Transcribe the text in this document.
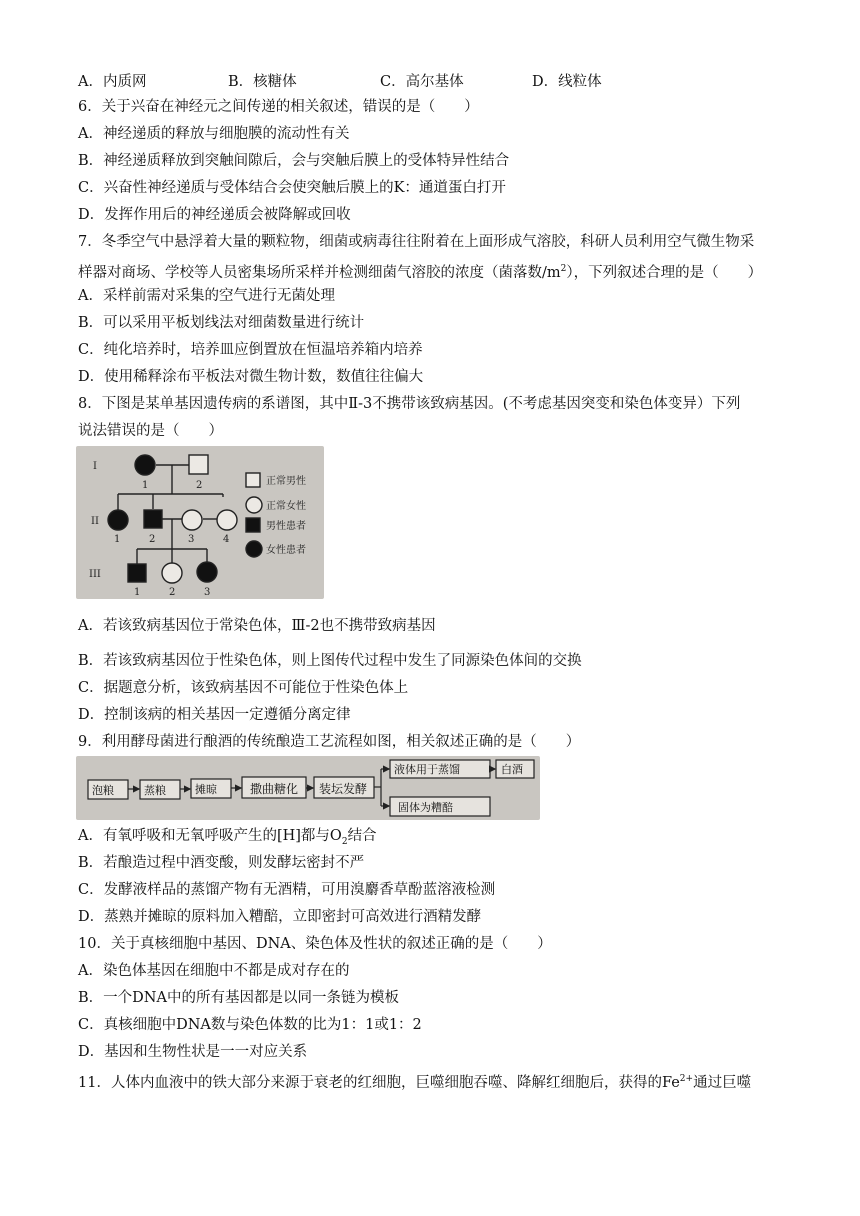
A．内质网	B．核糖体	C．高尔基体	D．线粒体
6．关于兴奋在神经元之间传递的相关叙述，错误的是（　　）
A．神经递质的释放与细胞膜的流动性有关
B．神经递质释放到突触间隙后，会与突触后膜上的受体特异性结合
C．兴奋性神经递质与受体结合会使突触后膜上的K：通道蛋白打开
D．发挥作用后的神经递质会被降解或回收
7．冬季空气中悬浮着大量的颗粒物，细菌或病毒往往附着在上面形成气溶胶，科研人员利用空气微生物采
样器对商场、学校等人员密集场所采样并检测细菌气溶胶的浓度（菌落数$/m^2$），下列叙述合理的是（　　）
A．采样前需对采集的空气进行无菌处理
B．可以采用平板划线法对细菌数量进行统计
C．纯化培养时，培养皿应倒置放在恒温培养箱内培养
D．使用稀释涂布平板法对微生物计数，数值往往偏大
8．下图是某单基因遗传病的系谱图，其中Ⅱ-3不携带该致病基因。(不考虑基因突变和染色体变异）下列
说法错误的是（　　）
I
II
III
1	2
1	2	3	4
1	2	3
正常男性
正常女性
男性患者
女性患者
A．若该致病基因位于常染色体，Ⅲ-2也不携带致病基因
B．若该致病基因位于性染色体，则上图传代过程中发生了同源染色体间的交换
C．据题意分析，该致病基因不可能位于性染色体上
D．控制该病的相关基因一定遵循分离定律
9．利用酵母菌进行酿酒的传统酿造工艺流程如图，相关叙述正确的是（　　）
泡粮	蒸粮	摊晾	撒曲糖化 装坛发酵
液体用于蒸馏
固体为糟醅
白酒
A．有氧呼吸和无氧呼吸产生的[H]都与$O_2$结合
B．若酿造过程中酒变酸，则发酵坛密封不严
C．发酵液样品的蒸馏产物有无酒精，可用溴麝香草酚蓝溶液检测
D．蒸熟并摊晾的原料加入糟醅，立即密封可高效进行酒精发酵
10．关于真核细胞中基因、DNA、染色体及性状的叙述正确的是（　　）
A．染色体基因在细胞中不都是成对存在的
B．一个DNA中的所有基因都是以同一条链为模板
C．真核细胞中DNA数与染色体数的比为1：1或1：2
D．基因和生物性状是一一对应关系
11．人体内血液中的铁大部分来源于衰老的红细胞，巨噬细胞吞噬、降解红细胞后，获得的$Fe^{2+}$通过巨噬
